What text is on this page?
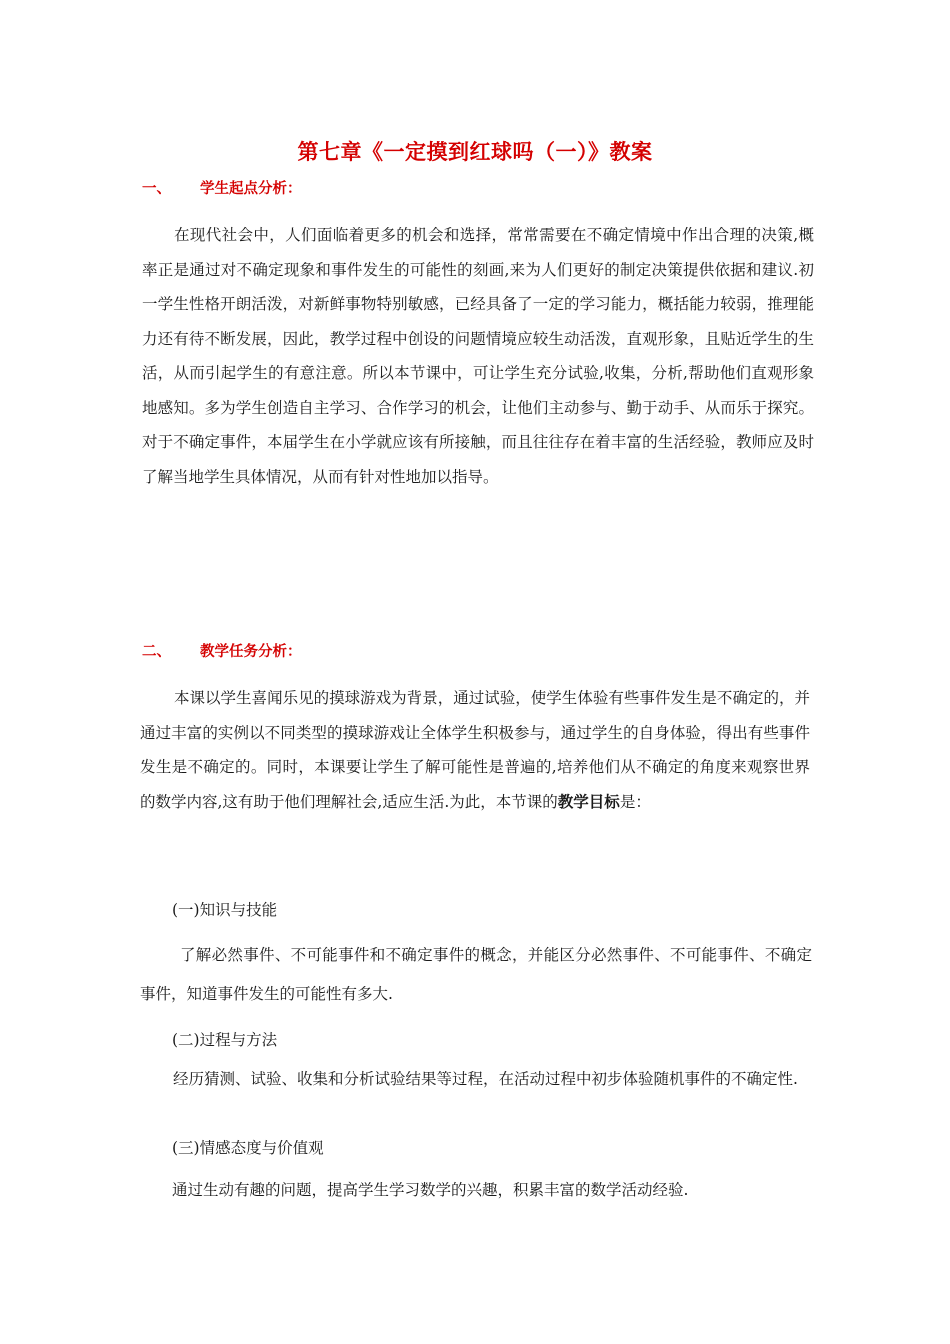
第七章《一定摸到红球吗（一）》教案
一、 学生起点分析：

在现代社会中，人们面临着更多的机会和选择，常常需要在不确定情境中作出合理的决策,概率正是通过对不确定现象和事件发生的可能性的刻画,来为人们更好的制定决策提供依据和建议.初一学生性格开朗活泼，对新鲜事物特别敏感，已经具备了一定的学习能力，概括能力较弱，推理能力还有待不断发展，因此，教学过程中创设的问题情境应较生动活泼，直观形象，且贴近学生的生活，从而引起学生的有意注意。所以本节课中，可让学生充分试验,收集，分析,帮助他们直观形象地感知。多为学生创造自主学习、合作学习的机会，让他们主动参与、勤于动手、从而乐于探究。对于不确定事件，本届学生在小学就应该有所接触，而且往往存在着丰富的生活经验，教师应及时了解当地学生具体情况，从而有针对性地加以指导。

二、 教学任务分析：

本课以学生喜闻乐见的摸球游戏为背景，通过试验，使学生体验有些事件发生是不确定的，并通过丰富的实例以不同类型的摸球游戏让全体学生积极参与，通过学生的自身体验，得出有些事件发生是不确定的。同时，本课要让学生了解可能性是普遍的,培养他们从不确定的角度来观察世界的数学内容,这有助于他们理解社会,适应生活.为此，本节课的教学目标是：

(一)知识与技能

了解必然事件、不可能事件和不确定事件的概念，并能区分必然事件、不可能事件、不确定事件，知道事件发生的可能性有多大.

(二)过程与方法

经历猜测、试验、收集和分析试验结果等过程，在活动过程中初步体验随机事件的不确定性.

(三)情感态度与价值观

通过生动有趣的问题，提高学生学习数学的兴趣，积累丰富的数学活动经验.
